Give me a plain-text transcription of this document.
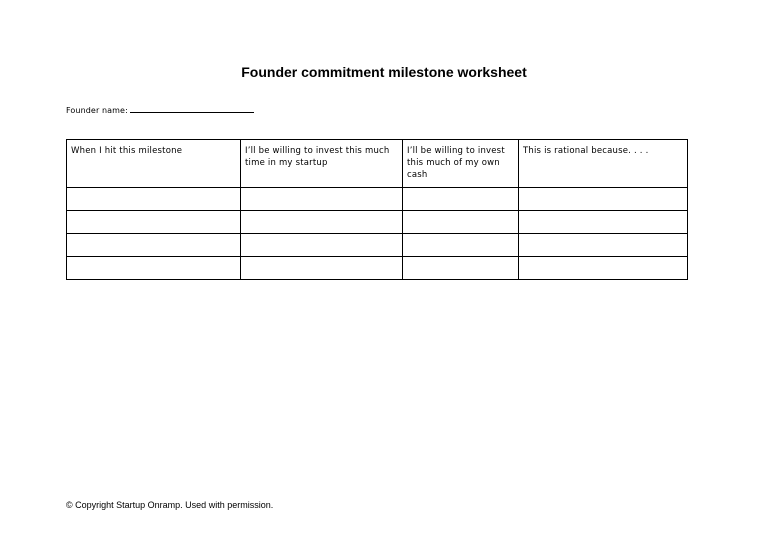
Founder commitment milestone worksheet
Founder name:
When I hit this milestone	I’ll be willing to invest this much time in my startup	I’ll be willing to invest this much of my own cash	This is rational because. . . .

© Copyright Startup Onramp. Used with permission.
